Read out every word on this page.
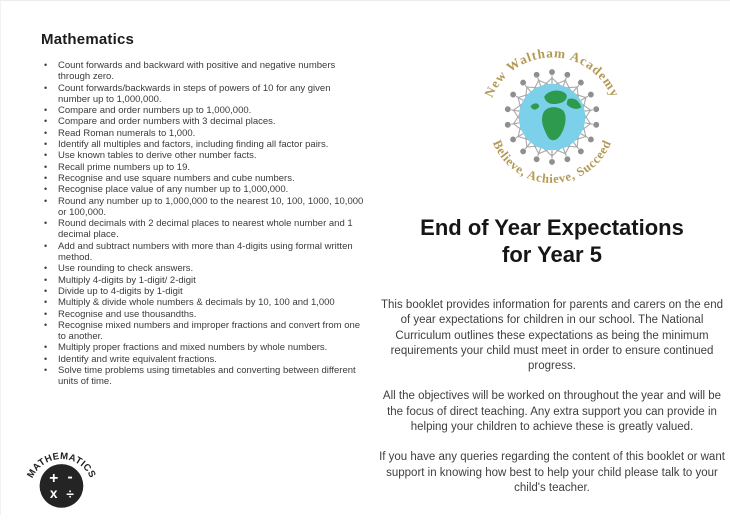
Mathematics
• Count forwards and backward with positive and negative numbers through zero.
• Count forwards/backwards in steps of powers of 10 for any given number up to 1,000,000.
• Compare and order numbers up to 1,000,000.
• Compare and order numbers with 3 decimal places.
• Read Roman numerals to 1,000.
• Identify all multiples and factors, including finding all factor pairs.
• Use known tables to derive other number facts.
• Recall prime numbers up to 19.
• Recognise and use square numbers and cube numbers.
• Recognise place value of any number up to 1,000,000.
• Round any number up to 1,000,000 to the nearest 10, 100, 1000, 10,000 or 100,000.
• Round decimals with 2 decimal places to nearest whole number and 1 decimal place.
• Add and subtract numbers with more than 4-digits using formal written method.
• Use rounding to check answers.
• Multiply 4-digits by 1-digit/ 2-digit
• Divide up to 4-digits by 1-digit
• Multiply & divide whole numbers & decimals by 10, 100 and 1,000
• Recognise and use thousandths.
• Recognise mixed numbers and improper fractions and convert from one to another.
• Multiply proper fractions and mixed numbers by whole numbers.
• Identify and write equivalent fractions.
• Solve time problems using timetables and converting between different units of time.
MATHEMATICS
+ -
x ÷
New Waltham Academy
Believe, Achieve, Succeed
End of Year Expectations
for Year 5

This booklet provides information for parents and carers on the end of year expectations for children in our school. The National Curriculum outlines these expectations as being the minimum requirements your child must meet in order to ensure continued progress.

All the objectives will be worked on throughout the year and will be the focus of direct teaching. Any extra support you can provide in helping your children to achieve these is greatly valued.

If you have any queries regarding the content of this booklet or want support in knowing how best to help your child please talk to your child's teacher.
